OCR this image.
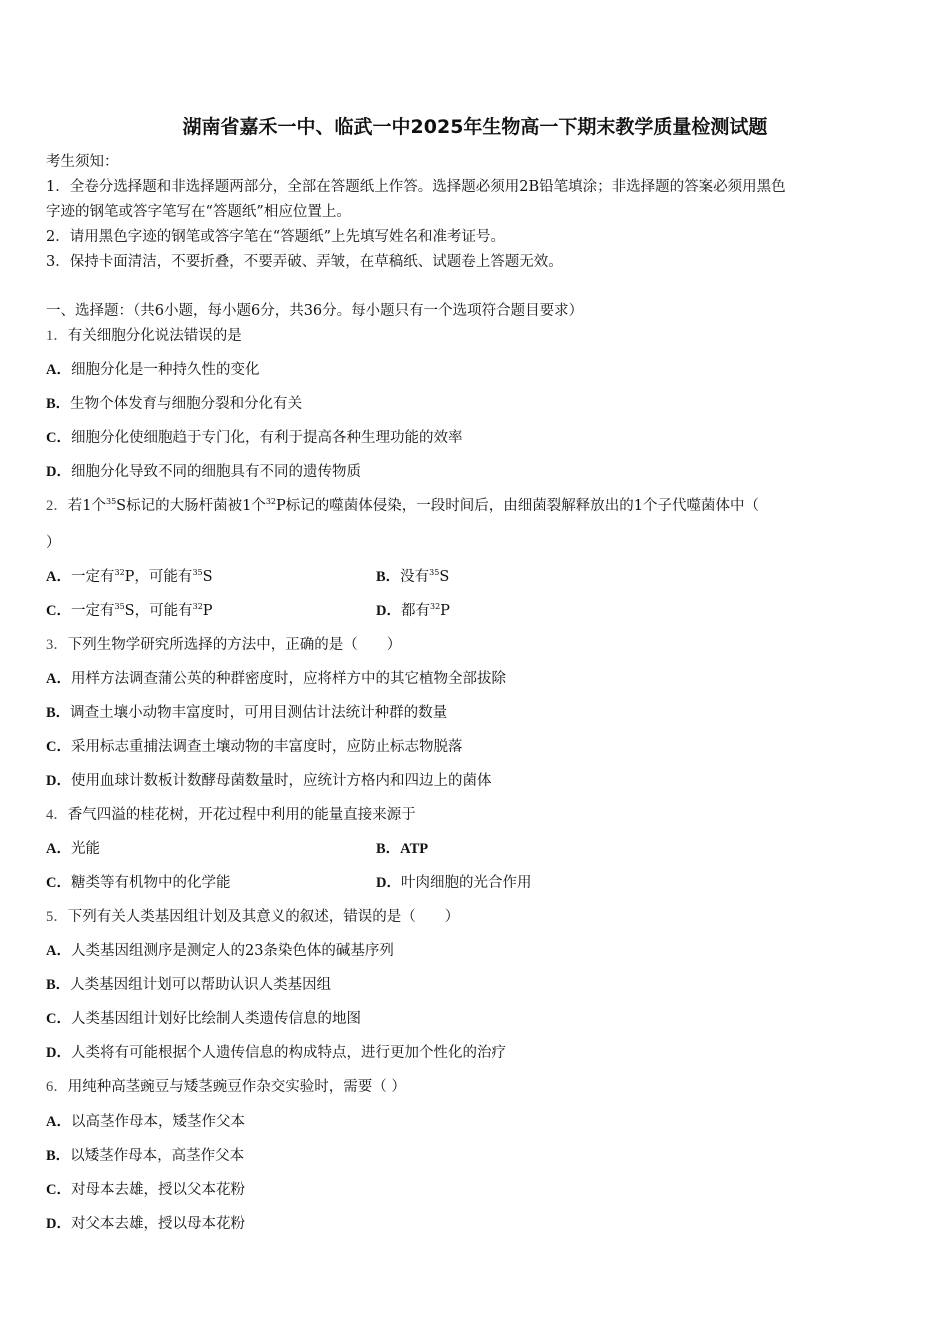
湖南省嘉禾一中、临武一中2025年生物高一下期末教学质量检测试题
考生须知：
1．全卷分选择题和非选择题两部分，全部在答题纸上作答。选择题必须用2B铅笔填涂；非选择题的答案必须用黑色
字迹的钢笔或答字笔写在“答题纸”相应位置上。
2．请用黑色字迹的钢笔或答字笔在“答题纸”上先填写姓名和准考证号。
3．保持卡面清洁，不要折叠，不要弄破、弄皱，在草稿纸、试题卷上答题无效。
一、选择题：（共6小题，每小题6分，共36分。每小题只有一个选项符合题目要求）
1．有关细胞分化说法错误的是
A．细胞分化是一种持久性的变化
B．生物个体发育与细胞分裂和分化有关
C．细胞分化使细胞趋于专门化，有利于提高各种生理功能的效率
D．细胞分化导致不同的细胞具有不同的遗传物质
2．若1个$^{35}$S标记的大肠杆菌被1个$^{32}$P标记的噬菌体侵染，一段时间后，由细菌裂解释放出的1个子代噬菌体中（
）
A．一定有$^{32}$P，可能有$^{35}$S	B．没有$^{35}$S
C．一定有$^{35}$S，可能有$^{32}$P	D．都有$^{32}$P
3．下列生物学研究所选择的方法中，正确的是（　　）
A．用样方法调查蒲公英的种群密度时，应将样方中的其它植物全部拔除
B．调查土壤小动物丰富度时，可用目测估计法统计种群的数量
C．采用标志重捕法调查土壤动物的丰富度时，应防止标志物脱落
D．使用血球计数板计数酵母菌数量时，应统计方格内和四边上的菌体
4．香气四溢的桂花树，开花过程中利用的能量直接来源于
A．光能	B．ATP
C．糖类等有机物中的化学能	D．叶肉细胞的光合作用
5．下列有关人类基因组计划及其意义的叙述，错误的是（　　）
A．人类基因组测序是测定人的23条染色体的碱基序列
B．人类基因组计划可以帮助认识人类基因组
C．人类基因组计划好比绘制人类遗传信息的地图
D．人类将有可能根据个人遗传信息的构成特点，进行更加个性化的治疗
6．用纯种高茎豌豆与矮茎豌豆作杂交实验时，需要（ ）
A．以高茎作母本，矮茎作父本
B．以矮茎作母本，高茎作父本
C．对母本去雄，授以父本花粉
D．对父本去雄，授以母本花粉
